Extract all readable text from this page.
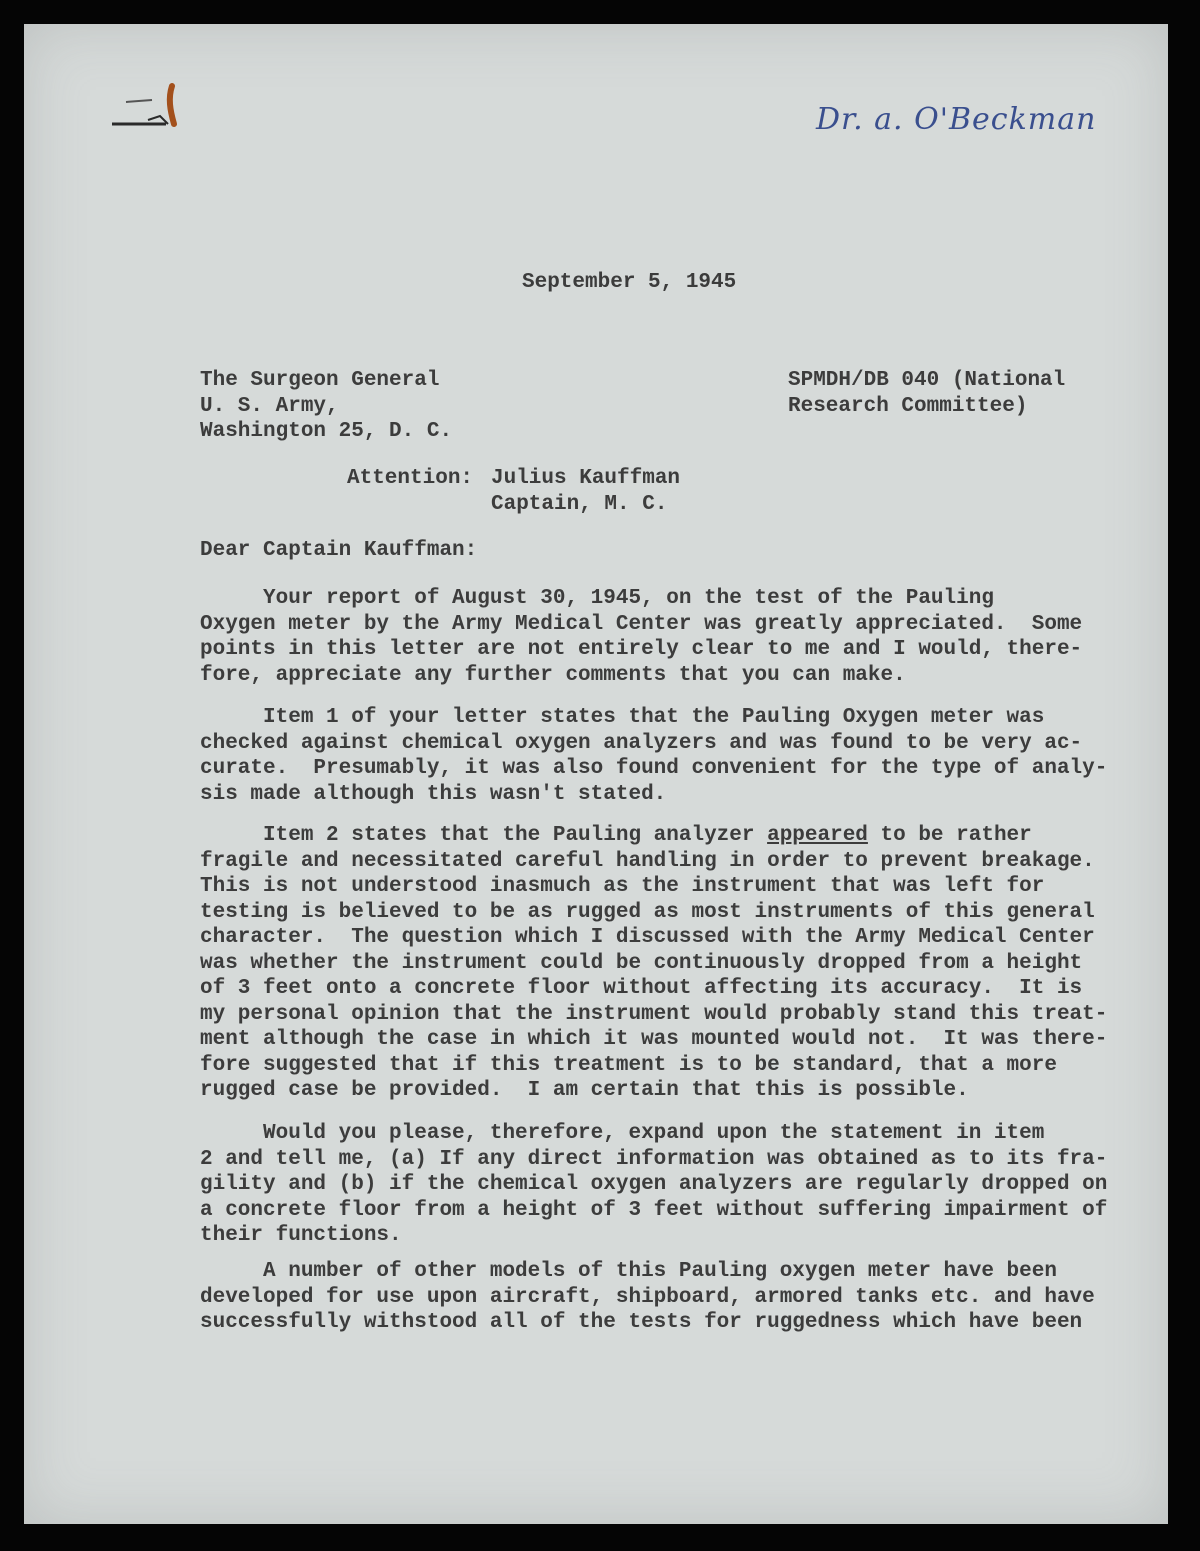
Dr. a. O'Beckman
September 5, 1945
The Surgeon General
U. S. Army,
Washington 25, D. C.
SPMDH/DB 040 (National
Research Committee)
Attention: Julius Kauffman
Captain, M. C.
Dear Captain Kauffman:
Your report of August 30, 1945, on the test of the Pauling
Oxygen meter by the Army Medical Center was greatly appreciated.  Some
points in this letter are not entirely clear to me and I would, there-
fore, appreciate any further comments that you can make.
Item 1 of your letter states that the Pauling Oxygen meter was
checked against chemical oxygen analyzers and was found to be very ac-
curate.  Presumably, it was also found convenient for the type of analy-
sis made although this wasn't stated.
Item 2 states that the Pauling analyzer appeared to be rather
fragile and necessitated careful handling in order to prevent breakage.
This is not understood inasmuch as the instrument that was left for
testing is believed to be as rugged as most instruments of this general
character.  The question which I discussed with the Army Medical Center
was whether the instrument could be continuously dropped from a height
of 3 feet onto a concrete floor without affecting its accuracy.  It is
my personal opinion that the instrument would probably stand this treat-
ment although the case in which it was mounted would not.  It was there-
fore suggested that if this treatment is to be standard, that a more
rugged case be provided.  I am certain that this is possible.
Would you please, therefore, expand upon the statement in item
2 and tell me, (a) If any direct information was obtained as to its fra-
gility and (b) if the chemical oxygen analyzers are regularly dropped on
a concrete floor from a height of 3 feet without suffering impairment of
their functions.
A number of other models of this Pauling oxygen meter have been
developed for use upon aircraft, shipboard, armored tanks etc. and have
successfully withstood all of the tests for ruggedness which have been
